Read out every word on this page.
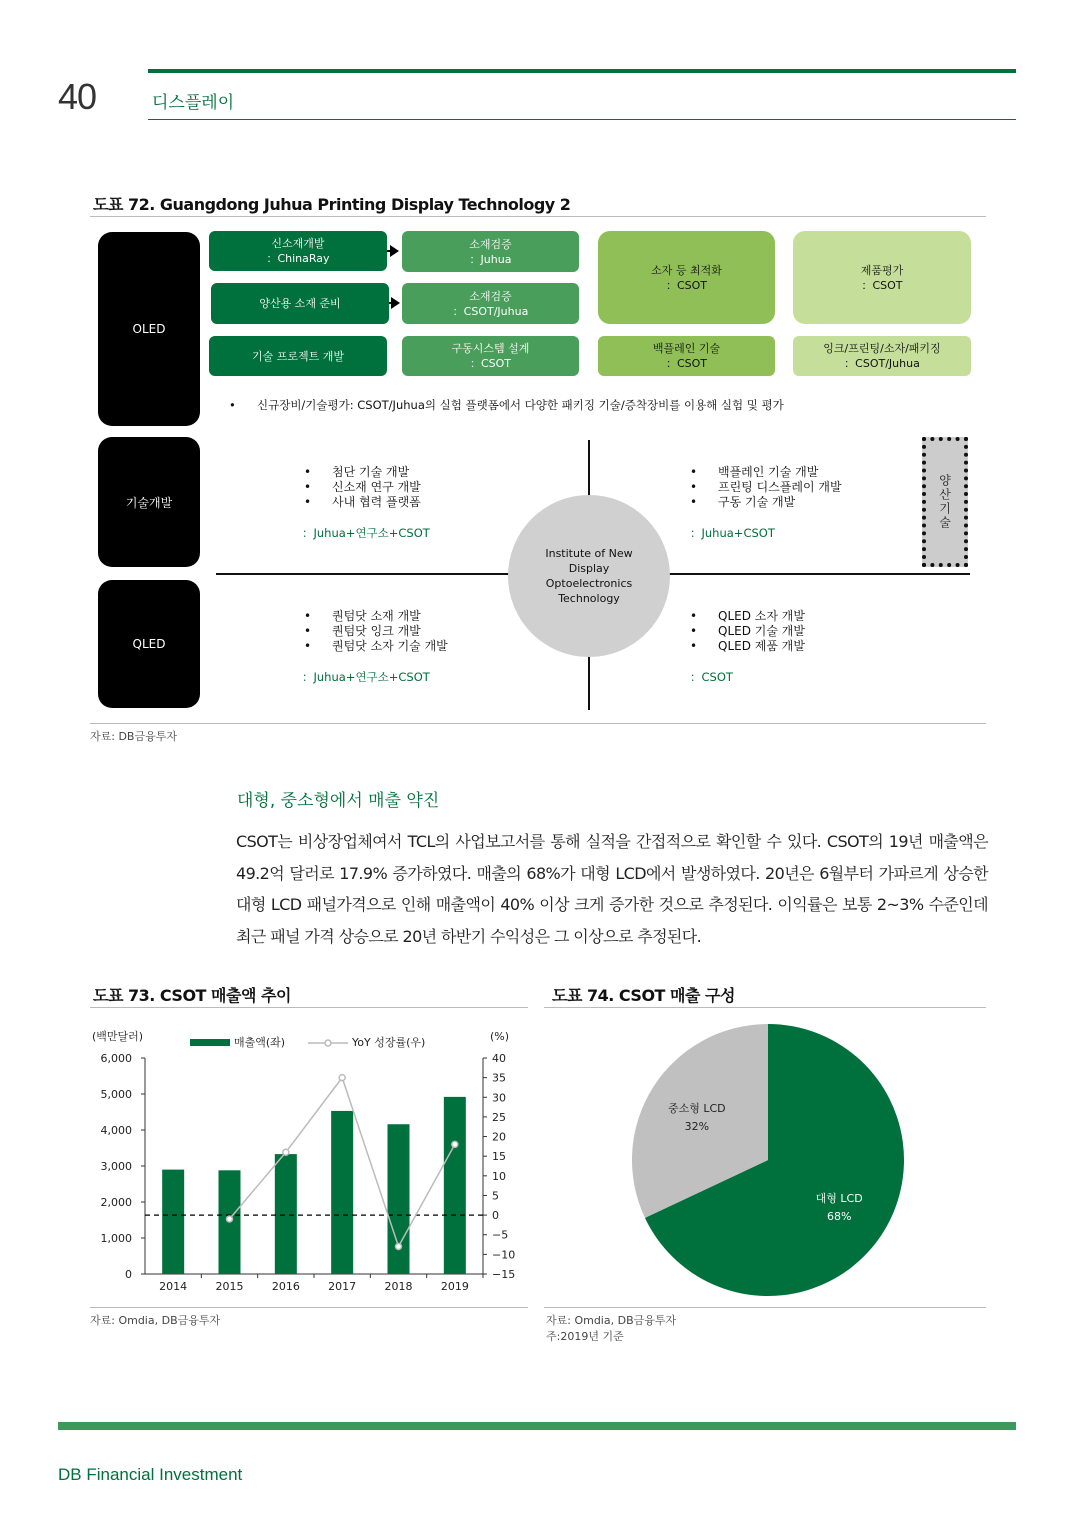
40	디스플레이
도표 72. Guangdong Juhua Printing Display Technology 2
OLED
기술개발
QLED
신소재개발
：ChinaRay
양산용 소재 준비
기술 프로젝트 개발
소재검증
：Juhua
소재검증
：CSOT/Juhua
구동시스템 설계
：CSOT
소자 등 최적화
：CSOT
백플레인 기술
：CSOT
제품평가
：CSOT
잉크/프린팅/소자/패키징
：CSOT/Juhua
• 신규장비/기술평가: CSOT/Juhua의 실험 플랫폼에서 다양한 패키징 기술/증착장비를 이용해 실험 및 평가
• 첨단 기술 개발
• 신소재 연구 개발
• 사내 협력 플랫폼
：Juhua+연구소+CSOT
• 백플레인 기술 개발
• 프린팅 디스플레이 개발
• 구동 기술 개발
：Juhua+CSOT
• 퀀텀닷 소재 개발
• 퀀텀닷 잉크 개발
• 퀀텀닷 소자 기술 개발
：Juhua+연구소+CSOT
• QLED 소자 개발
• QLED 기술 개발
• QLED 제품 개발
：CSOT
Institute of New Display Optoelectronics Technology
양산기술
자료: DB금융투자
대형, 중소형에서 매출 약진
CSOT는 비상장업체여서 TCL의 사업보고서를 통해 실적을 간접적으로 확인할 수 있다. CSOT의 19년 매출액은 49.2억 달러로 17.9% 증가하였다. 매출의 68%가 대형 LCD에서 발생하였다. 20년은 6월부터 가파르게 상승한 대형 LCD 패널가격으로 인해 매출액이 40% 이상 크게 증가한 것으로 추정된다. 이익률은 보통 2~3% 수준인데 최근 패널 가격 상승으로 20년 하반기 수익성은 그 이상으로 추정된다.
도표 73. CSOT 매출액 추이
(백만달러)	(%)
매출액(좌)	YoY 성장률(우)
0
1,000
2,000
3,000
4,000
5,000
6,000
−15
−10
−5
0
5
10
15
20
25
30
35
40
2014	2015	2016	2017	2018	2019
자료: Omdia, DB금융투자
도표 74. CSOT 매출 구성
대형 LCD
68%
중소형 LCD
32%
자료: Omdia, DB금융투자
주:2019년 기준
DB Financial Investment
